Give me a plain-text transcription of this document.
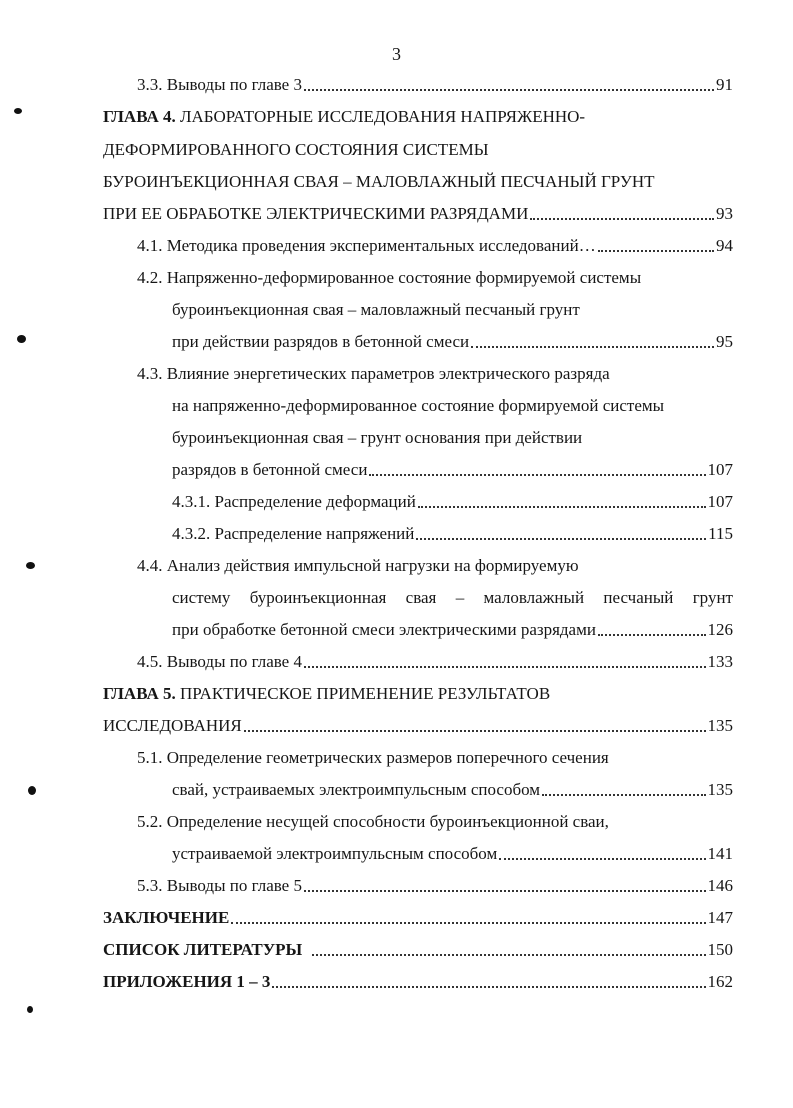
3
3.3. Выводы по главе 3	91
ГЛАВА 4. ЛАБОРАТОРНЫЕ ИССЛЕДОВАНИЯ НАПРЯЖЕННО-
ДЕФОРМИРОВАННОГО СОСТОЯНИЯ СИСТЕМЫ
БУРОИНЪЕКЦИОННАЯ СВАЯ – МАЛОВЛАЖНЫЙ ПЕСЧАНЫЙ ГРУНТ
ПРИ ЕЕ ОБРАБОТКЕ ЭЛЕКТРИЧЕСКИМИ РАЗРЯДАМИ	93
4.1. Методика проведения экспериментальных исследований…	94
4.2. Напряженно-деформированное состояние формируемой системы
буроинъекционная свая – маловлажный песчаный грунт
при действии разрядов в бетонной смеси	95
4.3. Влияние энергетических параметров электрического разряда
на напряженно-деформированное состояние формируемой системы
буроинъекционная свая – грунт основания при действии
разрядов в бетонной смеси	107
4.3.1. Распределение деформаций	107
4.3.2. Распределение напряжений	115
4.4. Анализ действия импульсной нагрузки на формируемую
систему буроинъекционная свая – маловлажный песчаный грунт
при обработке бетонной смеси электрическими разрядами	126
4.5. Выводы по главе 4	133
ГЛАВА 5. ПРАКТИЧЕСКОЕ ПРИМЕНЕНИЕ РЕЗУЛЬТАТОВ
ИССЛЕДОВАНИЯ	135
5.1. Определение геометрических размеров поперечного сечения
свай, устраиваемых электроимпульсным способом	135
5.2. Определение несущей способности буроинъекционной сваи,
устраиваемой электроимпульсным способом	141
5.3. Выводы по главе 5	146
ЗАКЛЮЧЕНИЕ	147
СПИСОК ЛИТЕРАТУРЫ	150
ПРИЛОЖЕНИЯ 1 – 3	162
